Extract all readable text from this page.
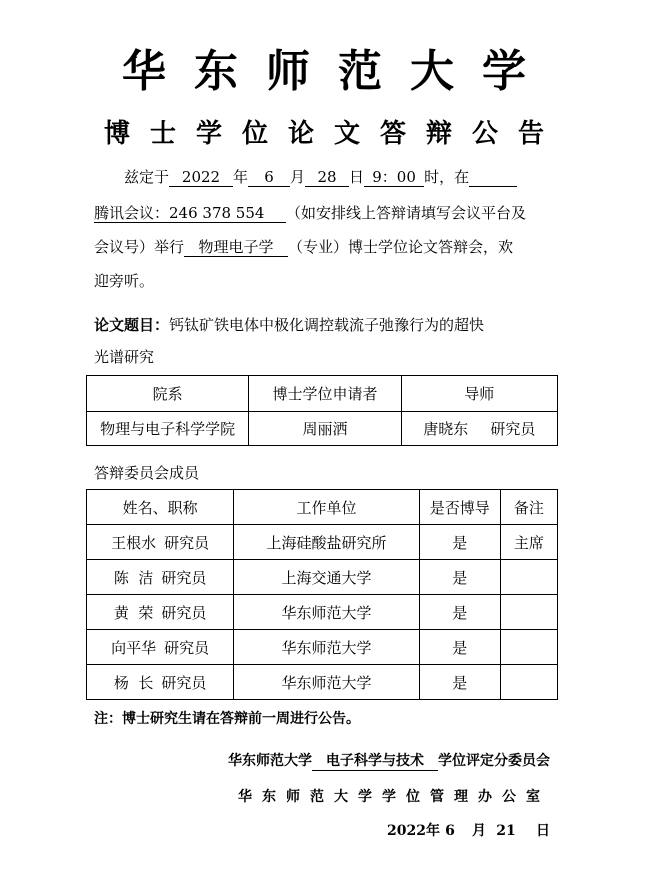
华东师范大学
博士学位论文答辩公告
兹定于 2022 年 6 月 28 日 9：00 时，在
腾讯会议：246 378 554 （如安排线上答辩请填写会议平台及
会议号）举行 物理电子学 （专业）博士学位论文答辩会，欢
迎旁听。
论文题目：钙钛矿铁电体中极化调控载流子弛豫行为的超快
光谱研究
院系	博士学位申请者	导师
物理与电子科学学院	周丽洒	唐晓东 研究员
答辩委员会成员
姓名、职称	工作单位	是否博导	备注
王根水 研究员	上海硅酸盐研究所	是	主席
陈  洁 研究员	上海交通大学	是	
黄  荣 研究员	华东师范大学	是	
向平华 研究员	华东师范大学	是	
杨  长 研究员	华东师范大学	是	
注：博士研究生请在答辩前一周进行公告。
华东师范大学 电子科学与技术 学位评定分委员会
华东师范大学学位管理办公室
2022年 6 月 21 日
